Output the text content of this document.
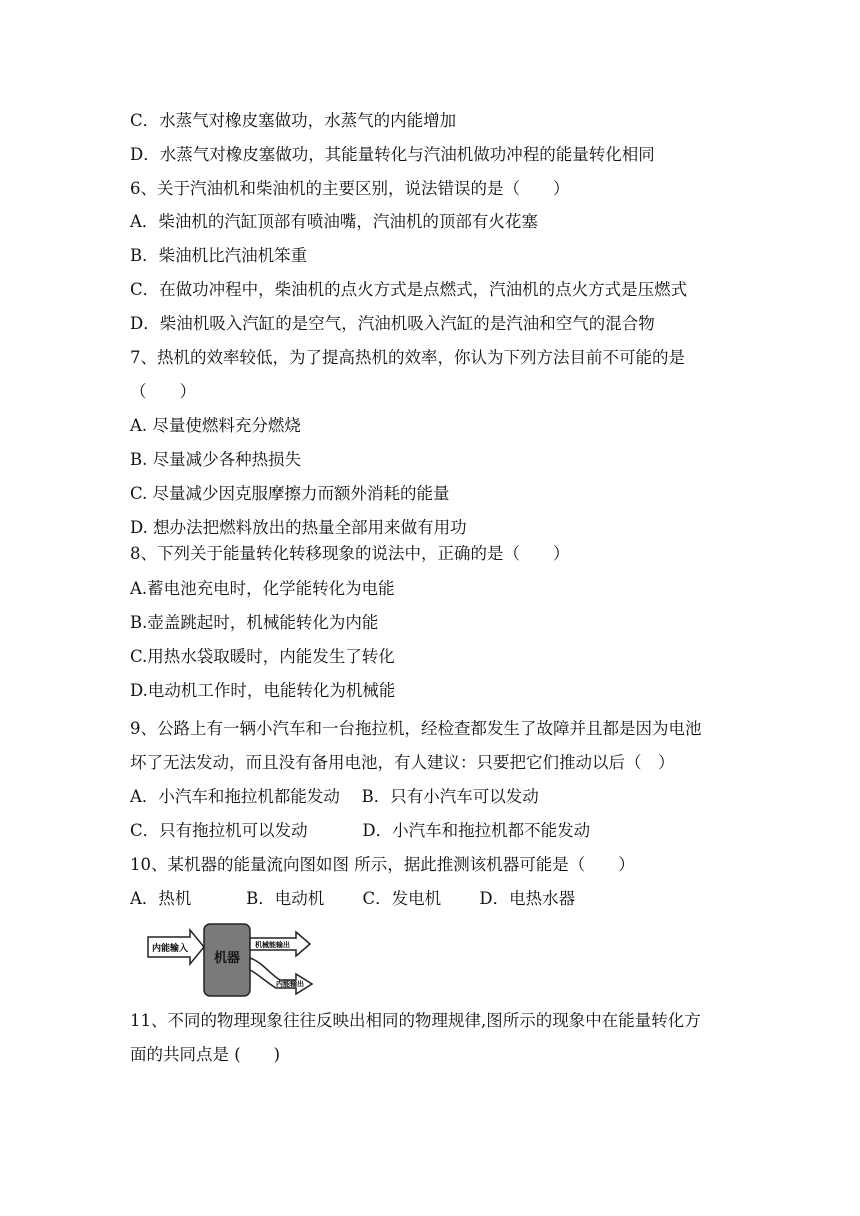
C．水蒸气对橡皮塞做功，水蒸气的内能增加
D．水蒸气对橡皮塞做功，其能量转化与汽油机做功冲程的能量转化相同
6、关于汽油机和柴油机的主要区别，说法错误的是（　　）
A．柴油机的汽缸顶部有喷油嘴，汽油机的顶部有火花塞
B．柴油机比汽油机笨重
C．在做功冲程中，柴油机的点火方式是点燃式，汽油机的点火方式是压燃式
D．柴油机吸入汽缸的是空气，汽油机吸入汽缸的是汽油和空气的混合物
7、热机的效率较低，为了提高热机的效率，你认为下列方法目前不可能的是
（　　）
A. 尽量使燃料充分燃烧
B. 尽量减少各种热损失
C. 尽量减少因克服摩擦力而额外消耗的能量
D. 想办法把燃料放出的热量全部用来做有用功
8、下列关于能量转化转移现象的说法中，正确的是（　　）
A.蓄电池充电时，化学能转化为电能
B.壶盖跳起时，机械能转化为内能
C.用热水袋取暖时，内能发生了转化
D.电动机工作时，电能转化为机械能
9、公路上有一辆小汽车和一台拖拉机，经检查都发生了故障并且都是因为电池
坏了无法发动，而且没有备用电池，有人建议：只要把它们推动以后（　）
A．小汽车和拖拉机都能发动　 B．只有小汽车可以发动
C．只有拖拉机可以发动　　　 D．小汽车和拖拉机都不能发动
10、某机器的能量流向图如图 所示，据此推测该机器可能是（　　）
A．热机　　　 B．电动机　　 C．发电机　　 D．电热水器
内能输入
机器
机械能输出
内能输出
11、不同的物理现象往往反映出相同的物理规律,图所示的现象中在能量转化方
面的共同点是 (　　)
